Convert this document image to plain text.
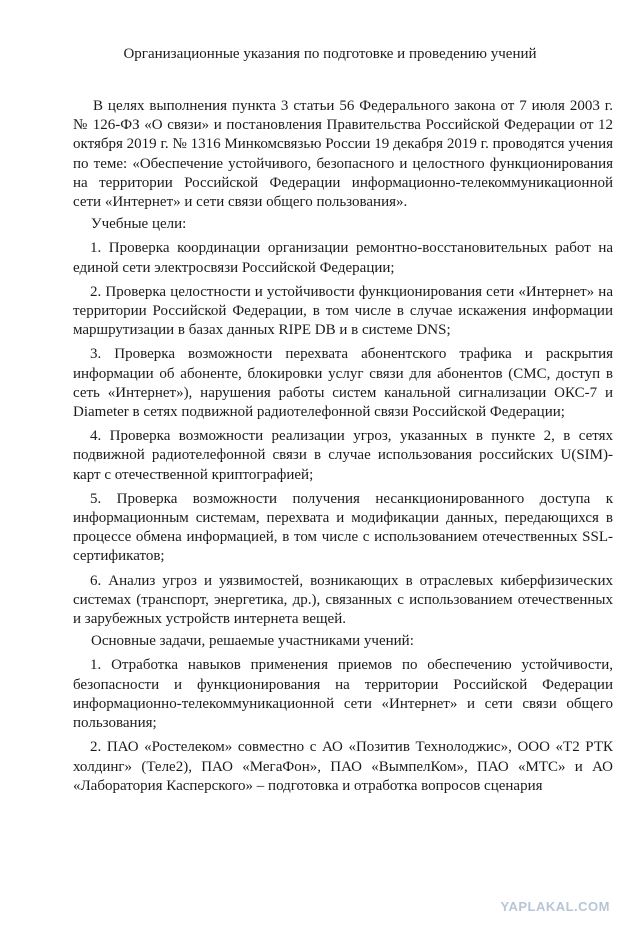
Организационные указания по подготовке и проведению учений

В целях выполнения пункта 3 статьи 56 Федерального закона от 7 июля 2003 г. № 126-ФЗ «О связи» и постановления Правительства Российской Федерации от 12 октября 2019 г. № 1316 Минкомсвязью России 19 декабря 2019 г. проводятся учения по теме: «Обеспечение устойчивого, безопасного и целостного функционирования на территории Российской Федерации информационно-телекоммуникационной сети «Интернет» и сети связи общего пользования».

Учебные цели:

1. Проверка координации организации ремонтно-восстановительных работ на единой сети электросвязи Российской Федерации;

2. Проверка целостности и устойчивости функционирования сети «Интернет» на территории Российской Федерации, в том числе в случае искажения информации маршрутизации в базах данных RIPE DB и в системе DNS;

3. Проверка возможности перехвата абонентского трафика и раскрытия информации об абоненте, блокировки услуг связи для абонентов (СМС, доступ в сеть «Интернет»), нарушения работы систем канальной сигнализации ОКС-7 и Diameter в сетях подвижной радиотелефонной связи Российской Федерации;

4. Проверка возможности реализации угроз, указанных в пункте 2, в сетях подвижной радиотелефонной связи в случае использования российских U(SIM)-карт с отечественной криптографией;

5. Проверка возможности получения несанкционированного доступа к информационным системам, перехвата и модификации данных, передающихся в процессе обмена информацией, в том числе с использованием отечественных SSL-сертификатов;

6. Анализ угроз и уязвимостей, возникающих в отраслевых киберфизических системах (транспорт, энергетика, др.), связанных с использованием отечественных и зарубежных устройств интернета вещей.

Основные задачи, решаемые участниками учений:

1. Отработка навыков применения приемов по обеспечению устойчивости, безопасности и функционирования на территории Российской Федерации информационно-телекоммуникационной сети «Интернет» и сети связи общего пользования;

2. ПАО «Ростелеком» совместно с АО «Позитив Технолоджис», ООО «Т2 РТК холдинг» (Теле2), ПАО «МегаФон», ПАО «ВымпелКом», ПАО «МТС» и АО «Лаборатория Касперского» – подготовка и отработка вопросов сценария

YAPLAKAL.COM
